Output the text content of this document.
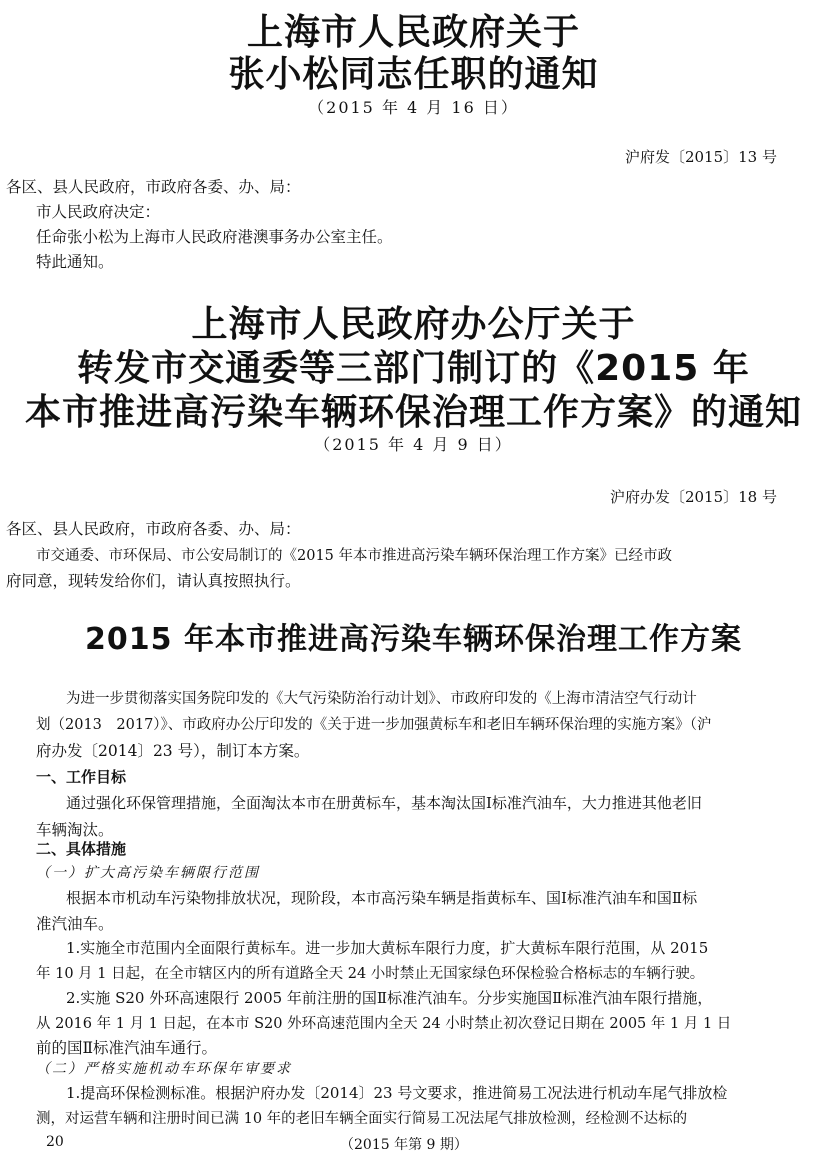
上海市人民政府关于
张小松同志任职的通知
（2015 年 4 月 16 日）
沪府发〔2015〕13 号
各区、县人民政府，市政府各委、办、局：
市人民政府决定：
任命张小松为上海市人民政府港澳事务办公室主任。
特此通知。
上海市人民政府办公厅关于
转发市交通委等三部门制订的《2015 年
本市推进高污染车辆环保治理工作方案》的通知
（2015 年 4 月 9 日）
沪府办发〔2015〕18 号
各区、县人民政府，市政府各委、办、局：
市交通委、市环保局、市公安局制订的《2015 年本市推进高污染车辆环保治理工作方案》已经市政
府同意，现转发给你们，请认真按照执行。
2015 年本市推进高污染车辆环保治理工作方案
为进一步贯彻落实国务院印发的《大气污染防治行动计划》、市政府印发的《上海市清洁空气行动计
划（2013　2017）》、市政府办公厅印发的《关于进一步加强黄标车和老旧车辆环保治理的实施方案》（沪
府办发〔2014〕23 号），制订本方案。
一、工作目标
通过强化环保管理措施，全面淘汰本市在册黄标车，基本淘汰国Ⅰ标准汽油车，大力推进其他老旧
车辆淘汰。
二、具体措施
（一）扩大高污染车辆限行范围
根据本市机动车污染物排放状况，现阶段，本市高污染车辆是指黄标车、国Ⅰ标准汽油车和国Ⅱ标
准汽油车。
1.实施全市范围内全面限行黄标车。进一步加大黄标车限行力度，扩大黄标车限行范围，从 2015
年 10 月 1 日起，在全市辖区内的所有道路全天 24 小时禁止无国家绿色环保检验合格标志的车辆行驶。
2.实施 S20 外环高速限行 2005 年前注册的国Ⅱ标准汽油车。分步实施国Ⅱ标准汽油车限行措施，
从 2016 年 1 月 1 日起，在本市 S20 外环高速范围内全天 24 小时禁止初次登记日期在 2005 年 1 月 1 日
前的国Ⅱ标准汽油车通行。
（二）严格实施机动车环保年审要求
1.提高环保检测标准。根据沪府办发〔2014〕23 号文要求，推进简易工况法进行机动车尾气排放检
测，对运营车辆和注册时间已满 10 年的老旧车辆全面实行简易工况法尾气排放检测，经检测不达标的
20	（2015 年第 9 期）
